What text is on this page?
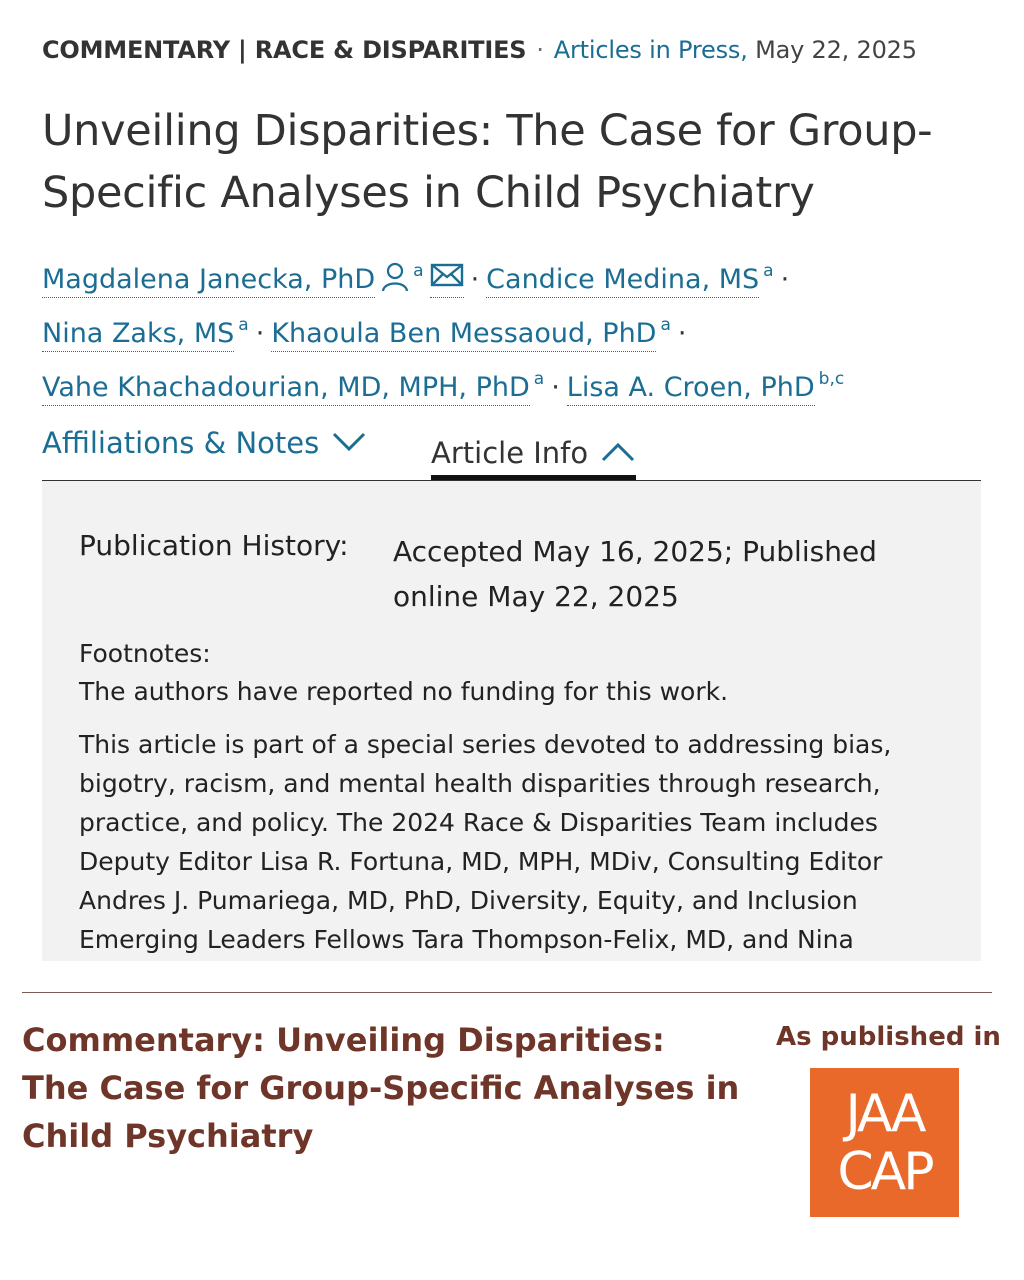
COMMENTARY | RACE & DISPARITIES · Articles in Press, May 22, 2025
Unveiling Disparities: The Case for Group-Specific Analyses in Child Psychiatry
Magdalena Janecka, PhD $^a$ · Candice Medina, MS $^a$ ·
Nina Zaks, MS $^a$ · Khaoula Ben Messaoud, PhD $^a$ ·
Vahe Khachadourian, MD, MPH, PhD $^a$ · Lisa A. Croen, PhD $^{b,c}$
Affiliations & Notes	Article Info
Publication History: Accepted May 16, 2025; Published online May 22, 2025
Footnotes:
The authors have reported no funding for this work.
This article is part of a special series devoted to addressing bias, bigotry, racism, and mental health disparities through research, practice, and policy. The 2024 Race & Disparities Team includes Deputy Editor Lisa R. Fortuna, MD, MPH, MDiv, Consulting Editor Andres J. Pumariega, MD, PhD, Diversity, Equity, and Inclusion Emerging Leaders Fellows Tara Thompson-Felix, MD, and Nina
Commentary: Unveiling Disparities: The Case for Group-Specific Analyses in Child Psychiatry
As published in
JAA
CAP
